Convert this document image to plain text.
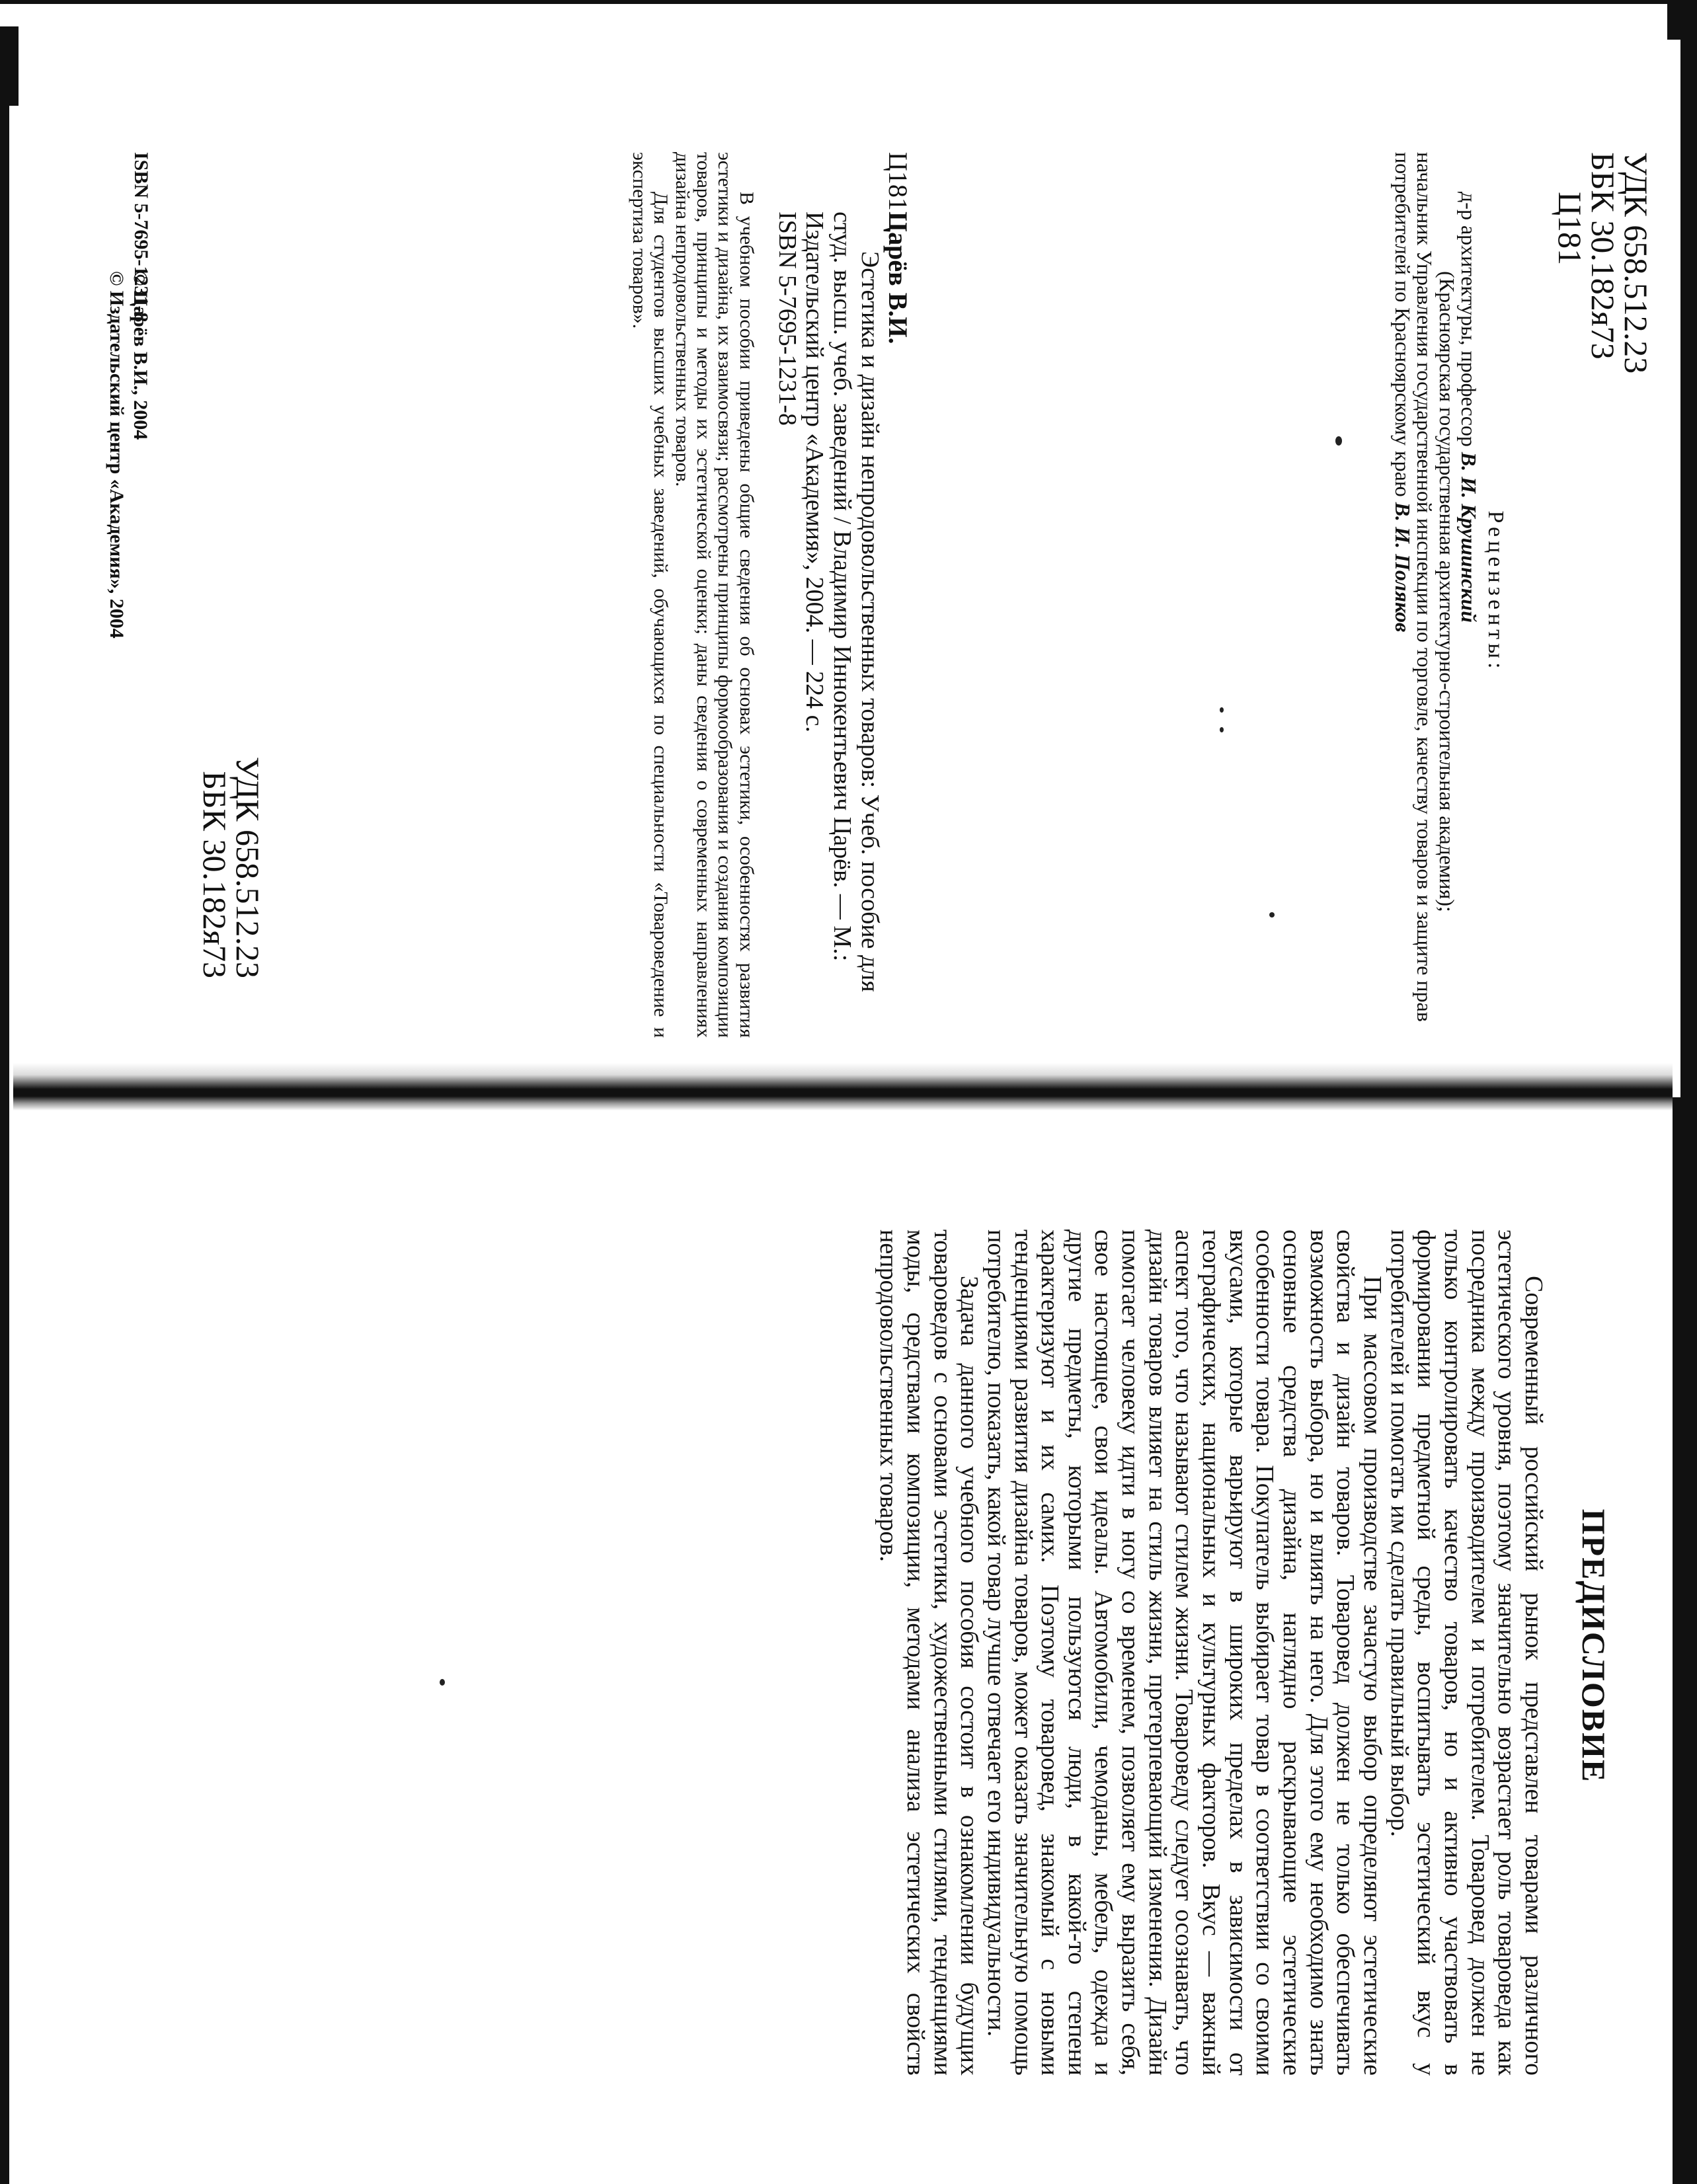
УДК 658.512.23
ББК 30.182я73
Ц181
Рецензенты:

д-р архитектуры, профессор В. И. Крушинский

(Красноярская государственная архитектурно-строительная академия);

начальник Управления государственной инспекции по торговле, качеству товаров и защите прав потребителей по Красноярскому краю В. И. Поляков

Ц181
Царёв В.И.

Эстетика и дизайн непродовольственных товаров: Учеб. пособие для студ. высш. учеб. заведений / Владимир Иннокентьевич Царёв. — М.: Издательский центр «Академия», 2004. — 224 с.

ISBN 5-7695-1231-8

В учебном пособии приведены общие сведения об основах эстетики, особенностях развития эстетики и дизайна, их взаимосвязи; рассмотрены принципы формообразования и создания композиции товаров, принципы и методы их эстетической оценки; даны сведения о современных направлениях дизайна непродовольственных товаров.

Для студентов высших учебных заведений, обучающихся по специальности «Товароведение и экспертиза товаров».

УДК 658.512.23
ББК 30.182я73
ISBN 5-7695-1231-8
© Царёв В.И., 2004
© Издательский центр «Академия», 2004
ПРЕДИСЛОВИЕ

Современный российский рынок представлен товарами различного эстетического уровня, поэтому значительно возрастает роль товароведа как посредника между производителем и потребителем. Товаровед должен не только контролировать качество товаров, но и активно участвовать в формировании предметной среды, воспитывать эстетический вкус у потребителей и помогать им сделать правильный выбор.

При массовом производстве зачастую выбор определяют эстетические свойства и дизайн товаров. Товаровед должен не только обеспечивать возможность выбора, но и влиять на него. Для этого ему необходимо знать основные средства дизайна, наглядно раскрывающие эстетические особенности товара. Покупатель выбирает товар в соответствии со своими вкусами, которые варьируют в широких пределах в зависимости от географических, национальных и культурных факторов. Вкус — важный аспект того, что называют стилем жизни. Товароведу следует осознавать, что дизайн товаров влияет на стиль жизни, претерпевающий изменения. Дизайн помогает человеку идти в ногу со временем, позволяет ему выразить себя, свое настоящее, свои идеалы. Автомобили, чемоданы, мебель, одежда и другие предметы, которыми пользуются люди, в какой-то степени характеризуют и их самих. Поэтому товаровед, знакомый с новыми тенденциями развития дизайна товаров, может оказать значительную помощь потребителю, показать, какой товар лучше отвечает его индивидуальности.

Задача данного учебного пособия состоит в ознакомлении будущих товароведов с основами эстетики, художественными стилями, тенденциями моды, средствами композиции, методами анализа эстетических свойств непродовольственных товаров.
